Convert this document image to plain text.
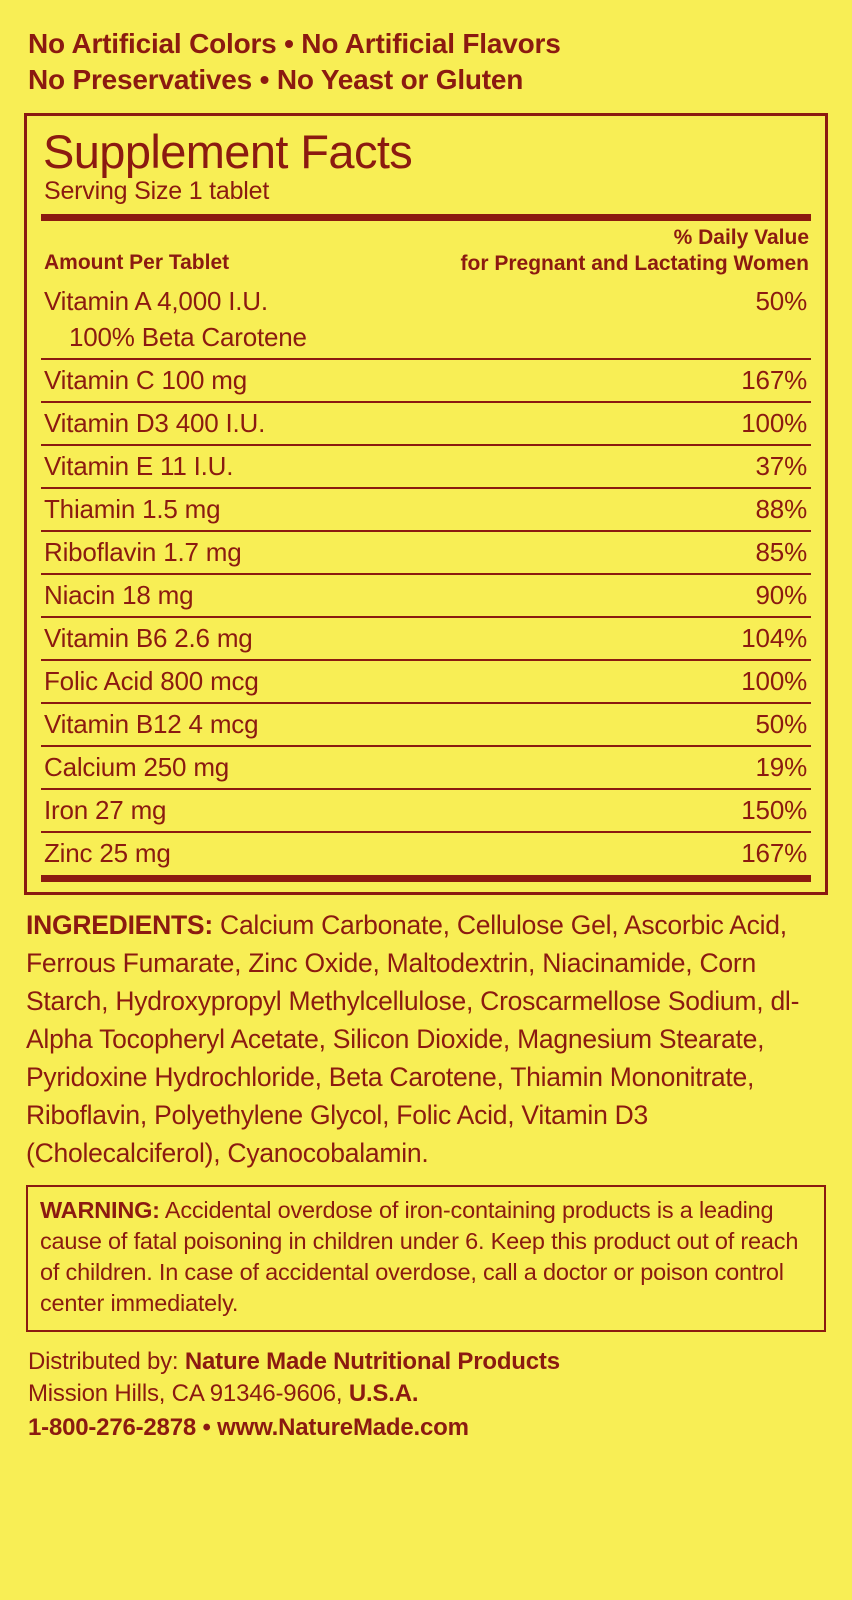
No Artificial Colors • No Artificial Flavors
No Preservatives • No Yeast or Gluten
Supplement Facts
Serving Size 1 tablet
Amount Per Tablet
% Daily Value
for Pregnant and Lactating Women
Vitamin A 4,000 I.U.	50%
100% Beta Carotene	
Vitamin C 100 mg	167%
Vitamin D3 400 I.U.	100%
Vitamin E 11 I.U.	37%
Thiamin 1.5 mg	88%
Riboflavin 1.7 mg	85%
Niacin 18 mg	90%
Vitamin B6 2.6 mg	104%
Folic Acid 800 mcg	100%
Vitamin B12 4 mcg	50%
Calcium 250 mg	19%
Iron 27 mg	150%
Zinc 25 mg	167%
INGREDIENTS: Calcium Carbonate, Cellulose Gel, Ascorbic Acid, Ferrous Fumarate, Zinc Oxide, Maltodextrin, Niacinamide, Corn Starch, Hydroxypropyl Methylcellulose, Croscarmellose Sodium, dl-Alpha Tocopheryl Acetate, Silicon Dioxide, Magnesium Stearate, Pyridoxine Hydrochloride, Beta Carotene, Thiamin Mononitrate, Riboflavin, Polyethylene Glycol, Folic Acid, Vitamin D3 (Cholecalciferol), Cyanocobalamin.
WARNING: Accidental overdose of iron-containing products is a leading cause of fatal poisoning in children under 6. Keep this product out of reach of children. In case of accidental overdose, call a doctor or poison control center immediately.
Distributed by: Nature Made Nutritional Products
Mission Hills, CA 91346-9606, U.S.A.
1-800-276-2878 • www.NatureMade.com
